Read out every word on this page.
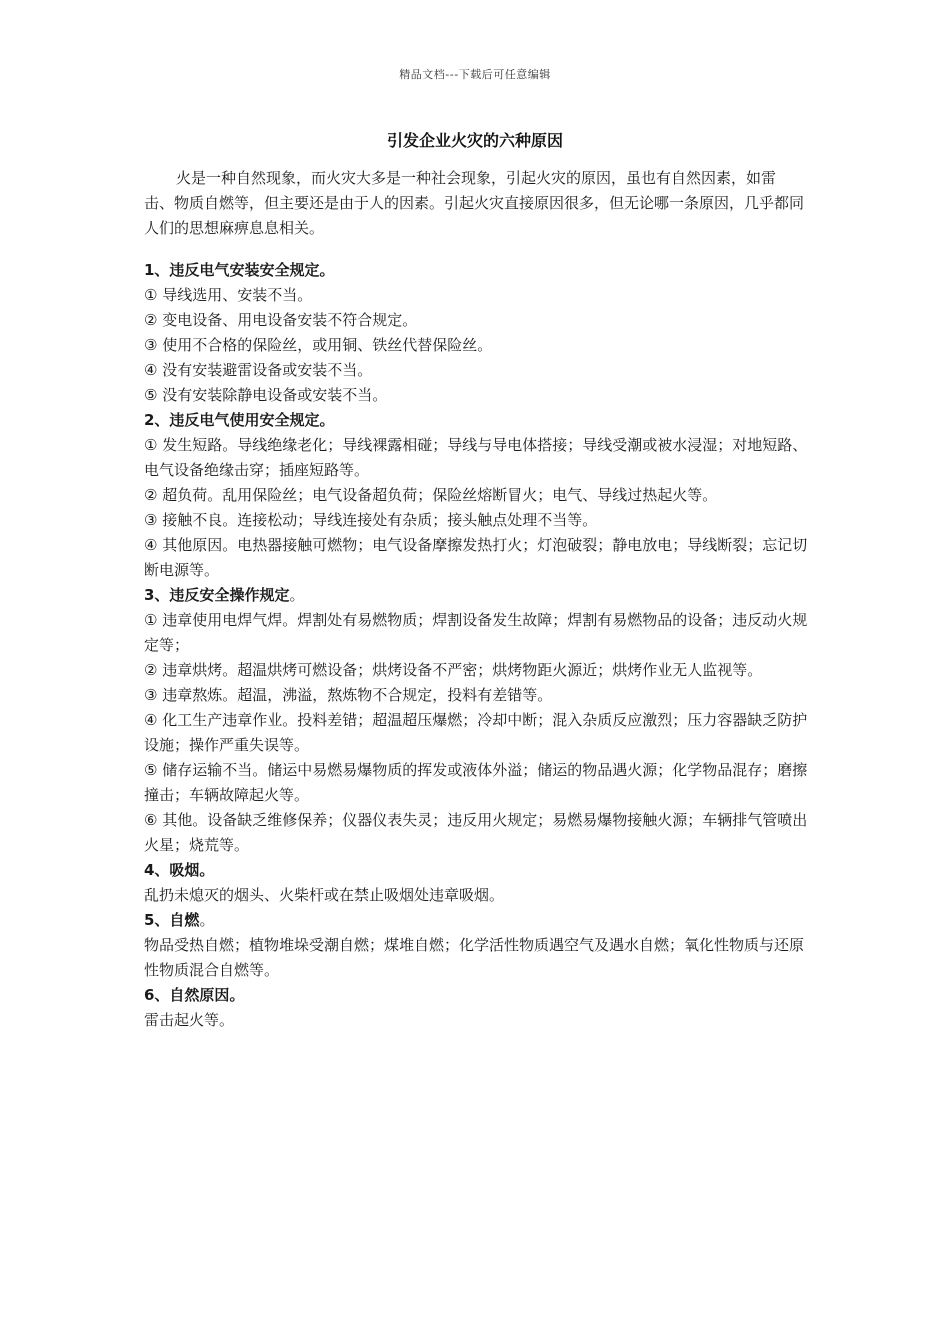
精品文档---下载后可任意编辑
引发企业火灾的六种原因

火是一种自然现象，而火灾大多是一种社会现象，引起火灾的原因，虽也有自然因素，如雷击、物质自燃等，但主要还是由于人的因素。引起火灾直接原因很多，但无论哪一条原因，几乎都同人们的思想麻痹息息相关。

1、违反电气安装安全规定。

① 导线选用、安装不当。

② 变电设备、用电设备安装不符合规定。

③ 使用不合格的保险丝，或用铜、铁丝代替保险丝。

④ 没有安装避雷设备或安装不当。

⑤ 没有安装除静电设备或安装不当。

2、违反电气使用安全规定。

① 发生短路。导线绝缘老化；导线裸露相碰；导线与导电体搭接；导线受潮或被水浸湿；对地短路、电气设备绝缘击穿；插座短路等。

② 超负荷。乱用保险丝；电气设备超负荷；保险丝熔断冒火；电气、导线过热起火等。

③ 接触不良。连接松动；导线连接处有杂质；接头触点处理不当等。

④ 其他原因。电热器接触可燃物；电气设备摩擦发热打火；灯泡破裂；静电放电；导线断裂；忘记切断电源等。

3、违反安全操作规定。

① 违章使用电焊气焊。焊割处有易燃物质；焊割设备发生故障；焊割有易燃物品的设备；违反动火规定等；

② 违章烘烤。超温烘烤可燃设备；烘烤设备不严密；烘烤物距火源近；烘烤作业无人监视等。

③ 违章熬炼。超温，沸溢，熬炼物不合规定，投料有差错等。

④ 化工生产违章作业。投料差错；超温超压爆燃；冷却中断；混入杂质反应激烈；压力容器缺乏防护设施；操作严重失误等。

⑤ 储存运输不当。储运中易燃易爆物质的挥发或液体外溢；储运的物品遇火源；化学物品混存；磨擦撞击；车辆故障起火等。

⑥ 其他。设备缺乏维修保养；仪器仪表失灵；违反用火规定；易燃易爆物接触火源；车辆排气管喷出火星；烧荒等。

4、吸烟。

乱扔未熄灭的烟头、火柴杆或在禁止吸烟处违章吸烟。

5、自燃。

物品受热自燃；植物堆垛受潮自燃；煤堆自燃；化学活性物质遇空气及遇水自燃；氧化性物质与还原性物质混合自燃等。

6、自然原因。

雷击起火等。
